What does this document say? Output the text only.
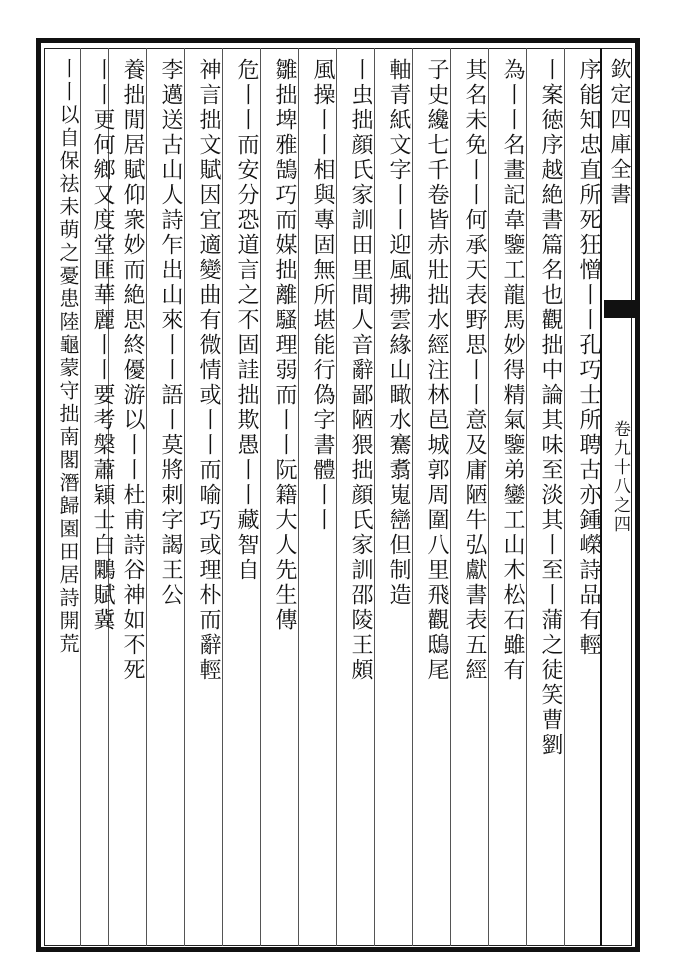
欽定四庫全書
卷九十八之四
序能知忠直所死狂憎丨丨孔巧士所聘古亦鍾嶸詩品有輕
丨案徳序越絶書篇名也觀拙中論其味至淡其丨至丨蒲之徒笑曹劉
為丨丨名畫記韋鑒工龍馬妙得精氣鑒弟鑾工山木松石雖有
其名未免丨丨何承天表野思丨丨意及庸陋牛弘獻書表五經
子史纔七千卷皆赤壯拙水經注林邑城郭周圍八里飛觀鴟尾
軸青紙文字丨丨迎風拂雲緣山瞰水騫翥嵬巒但制造
丨虫拙顔氏家訓田里間人音辭鄙陋猥拙顔氏家訓邵陵王頗
風操丨丨相與專固無所堪能行偽字書體丨丨
雛拙埤雅鵠巧而媒拙離騷理弱而丨丨阮籍大人先生傳
危丨丨而安分恐道言之不固詿拙欺愚丨丨藏智自
神言拙文賦因宜適變曲有微情或丨丨而喻巧或理朴而辭輕
李邁送古山人詩乍出山來丨丨語丨莫將刺字謁王公
養拙閒居賦仰衆妙而絶思終優游以丨丨杜甫詩谷神如不死
丨丨更何鄉又度堂匪華麗丨丨要考槃蕭穎士白鷴賦冀
丨丨以自保祛未萌之憂患陸龜蒙守拙南閣潛歸園田居詩開荒
